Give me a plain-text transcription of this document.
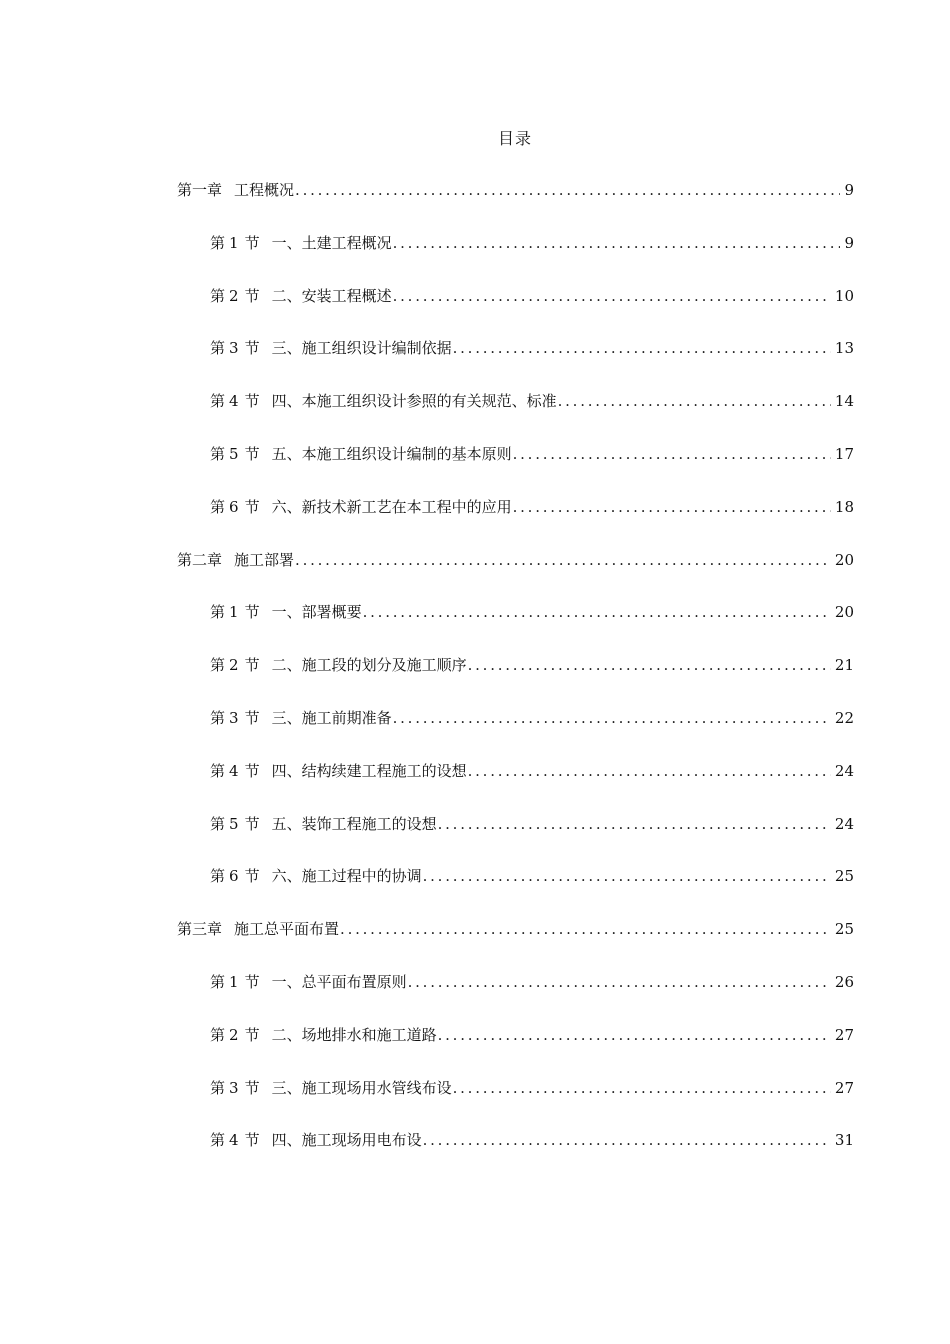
目录
第一章 工程概况 . . .	9
第 1 节 一、土建工程概况 . . .	9
第 2 节 二、安装工程概述 . . .	10
第 3 节 三、施工组织设计编制依据 . . .	13
第 4 节 四、本施工组织设计参照的有关规范、标准 . . .	14
第 5 节 五、本施工组织设计编制的基本原则 . . .	17
第 6 节 六、新技术新工艺在本工程中的应用 . . .	18
第二章 施工部署 . . .	20
第 1 节 一、部署概要 . . .	20
第 2 节 二、施工段的划分及施工顺序 . . .	21
第 3 节 三、施工前期准备 . . .	22
第 4 节 四、结构续建工程施工的设想 . . .	24
第 5 节 五、装饰工程施工的设想 . . .	24
第 6 节 六、施工过程中的协调 . . .	25
第三章 施工总平面布置 . . .	25
第 1 节 一、总平面布置原则 . . .	26
第 2 节 二、场地排水和施工道路 . . .	27
第 3 节 三、施工现场用水管线布设 . . .	27
第 4 节 四、施工现场用电布设 . . .	31
